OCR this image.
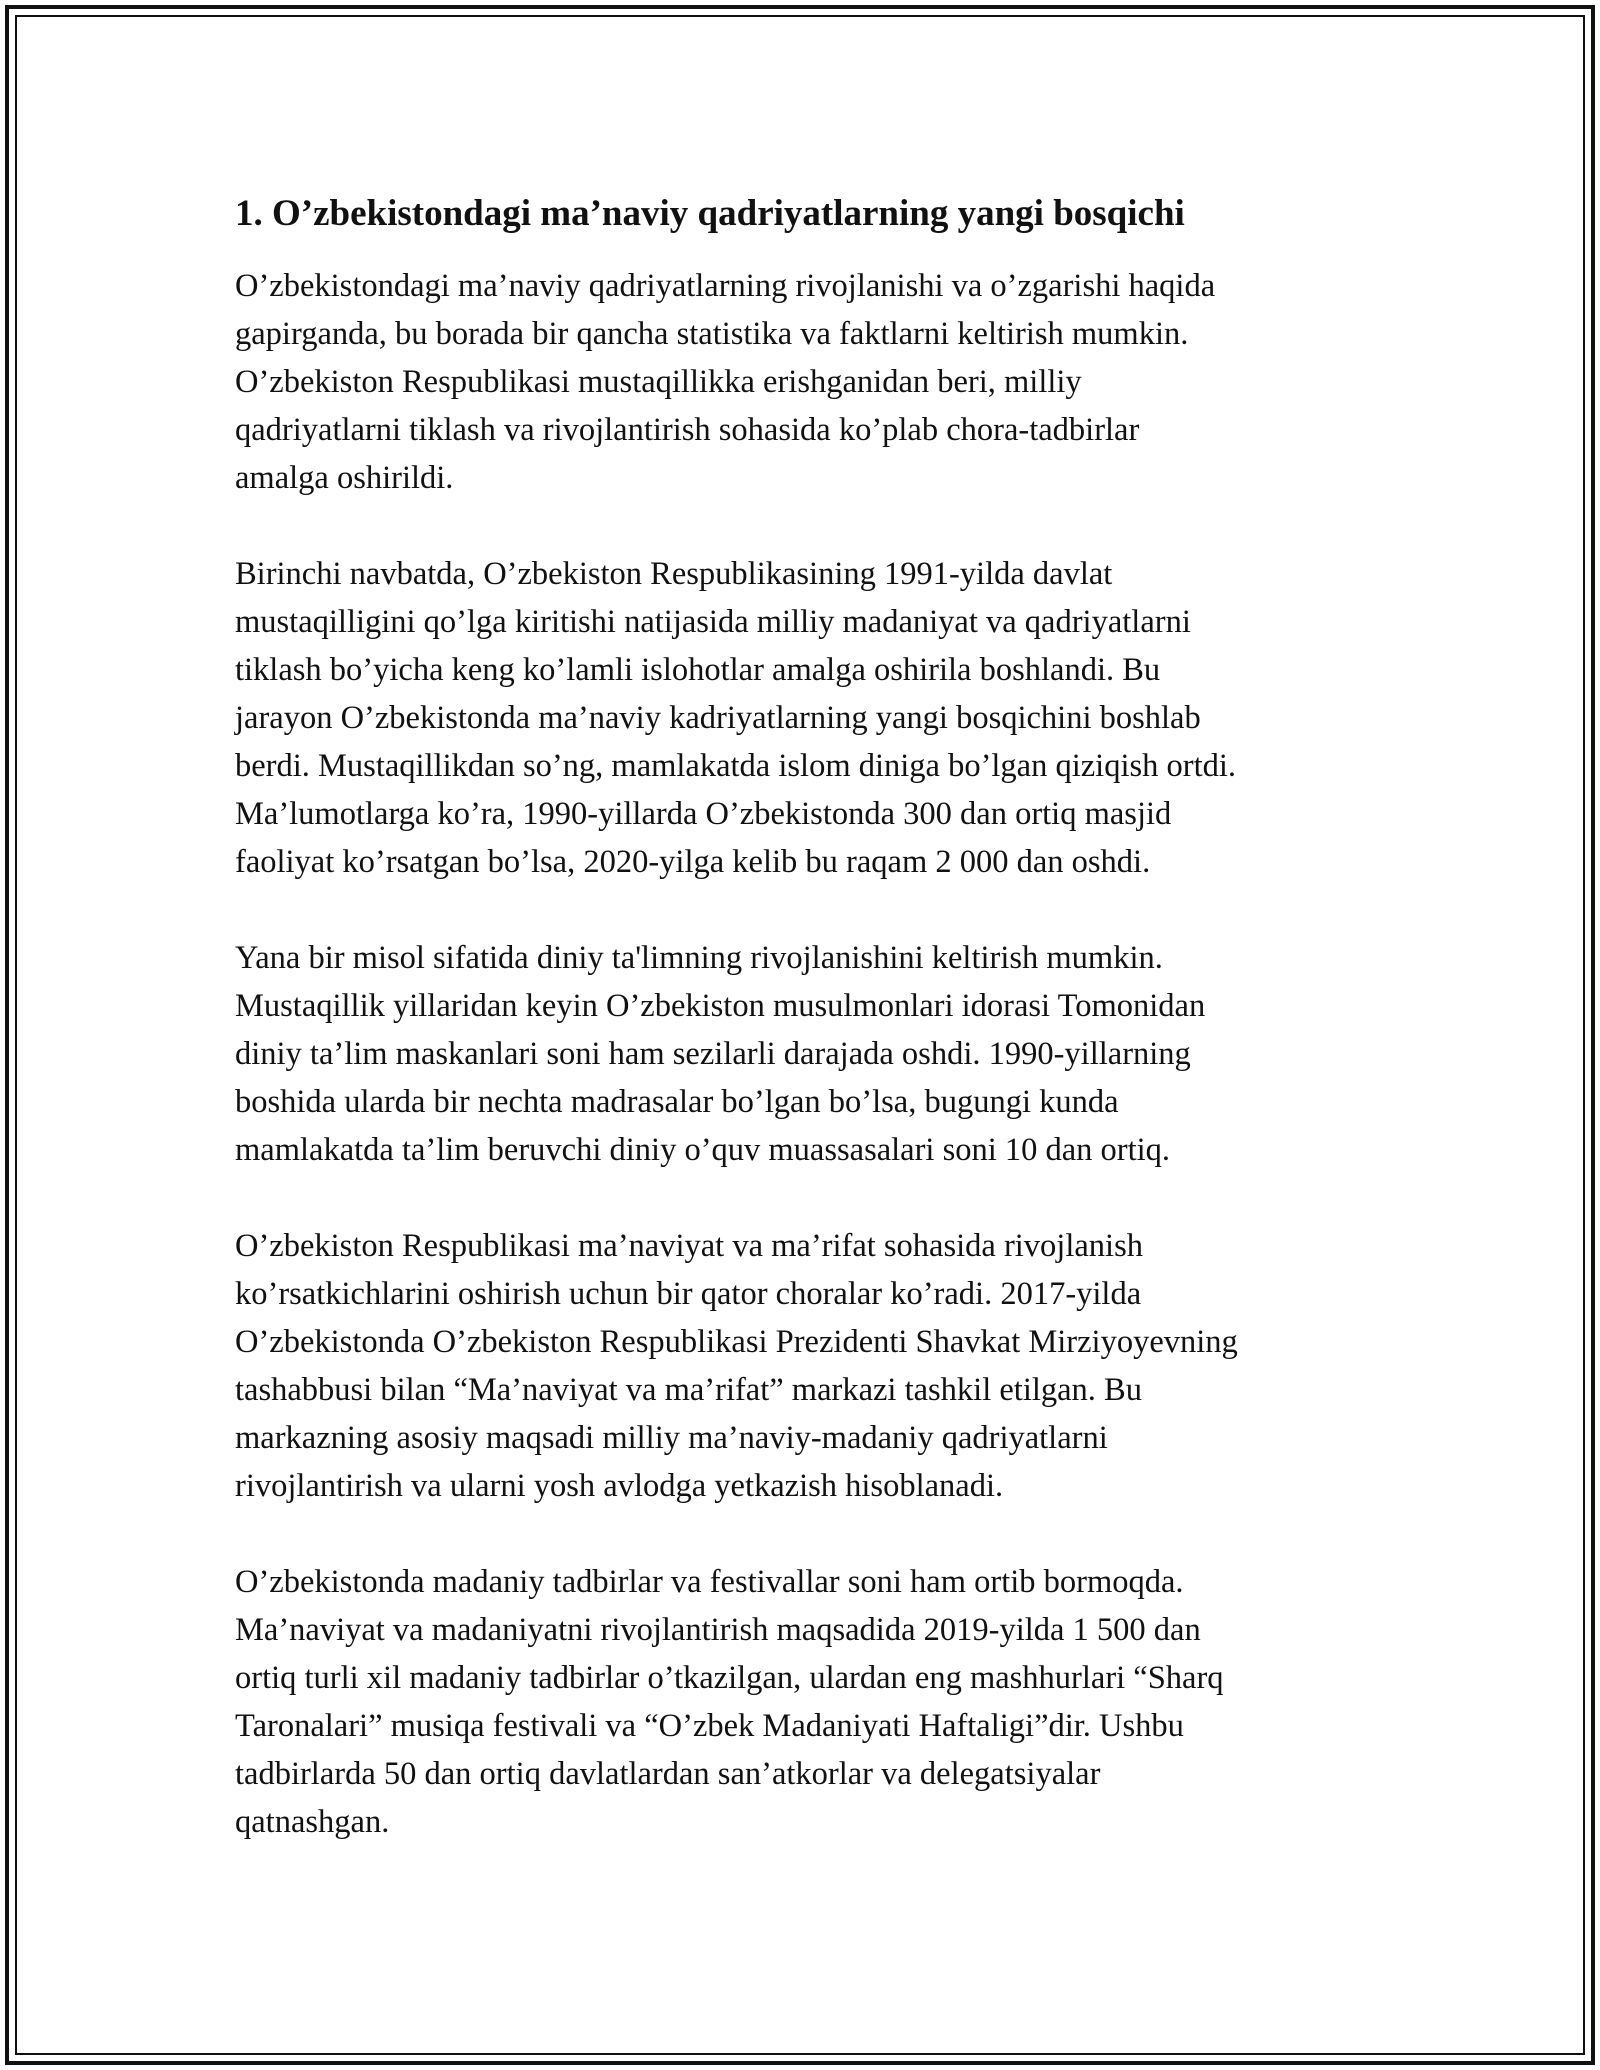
1. O’zbekistondagi ma’naviy qadriyatlarning yangi bosqichi

O’zbekistondagi ma’naviy qadriyatlarning rivojlanishi va o’zgarishi haqida
gapirganda, bu borada bir qancha statistika va faktlarni keltirish mumkin.
O’zbekiston Respublikasi mustaqillikka erishganidan beri, milliy
qadriyatlarni tiklash va rivojlantirish sohasida ko’plab chora-tadbirlar
amalga oshirildi.

Birinchi navbatda, O’zbekiston Respublikasining 1991-yilda davlat
mustaqilligini qo’lga kiritishi natijasida milliy madaniyat va qadriyatlarni
tiklash bo’yicha keng ko’lamli islohotlar amalga oshirila boshlandi. Bu
jarayon O’zbekistonda ma’naviy kadriyatlarning yangi bosqichini boshlab
berdi. Mustaqillikdan so’ng, mamlakatda islom diniga bo’lgan qiziqish ortdi.
Ma’lumotlarga ko’ra, 1990-yillarda O’zbekistonda 300 dan ortiq masjid
faoliyat ko’rsatgan bo’lsa, 2020-yilga kelib bu raqam 2 000 dan oshdi.

Yana bir misol sifatida diniy ta'limning rivojlanishini keltirish mumkin.
Mustaqillik yillaridan keyin O’zbekiston musulmonlari idorasi Tomonidan
diniy ta’lim maskanlari soni ham sezilarli darajada oshdi. 1990-yillarning
boshida ularda bir nechta madrasalar bo’lgan bo’lsa, bugungi kunda
mamlakatda ta’lim beruvchi diniy o’quv muassasalari soni 10 dan ortiq.

O’zbekiston Respublikasi ma’naviyat va ma’rifat sohasida rivojlanish
ko’rsatkichlarini oshirish uchun bir qator choralar ko’radi. 2017-yilda
O’zbekistonda O’zbekiston Respublikasi Prezidenti Shavkat Mirziyoyevning
tashabbusi bilan “Ma’naviyat va ma’rifat” markazi tashkil etilgan. Bu
markazning asosiy maqsadi milliy ma’naviy-madaniy qadriyatlarni
rivojlantirish va ularni yosh avlodga yetkazish hisoblanadi.

O’zbekistonda madaniy tadbirlar va festivallar soni ham ortib bormoqda.
Ma’naviyat va madaniyatni rivojlantirish maqsadida 2019-yilda 1 500 dan
ortiq turli xil madaniy tadbirlar o’tkazilgan, ulardan eng mashhurlari “Sharq
Taronalari” musiqa festivali va “O’zbek Madaniyati Haftaligi”dir. Ushbu
tadbirlarda 50 dan ortiq davlatlardan san’atkorlar va delegatsiyalar
qatnashgan.
